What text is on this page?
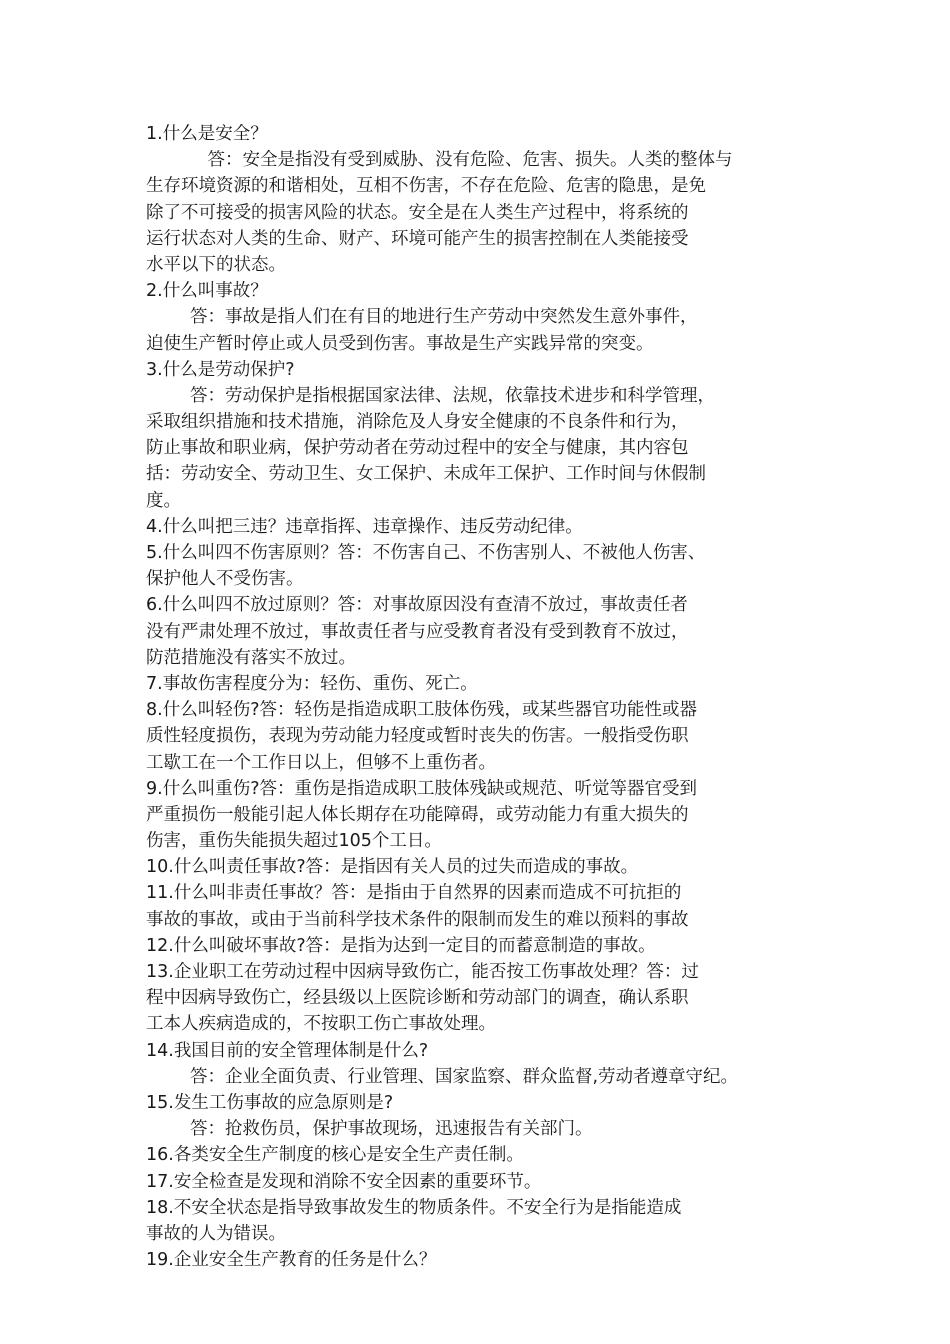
1.什么是安全？
　答：安全是指没有受到威胁、没有危险、危害、损失。人类的整体与
生存环境资源的和谐相处，互相不伤害，不存在危险、危害的隐患，是免
除了不可接受的损害风险的状态。安全是在人类生产过程中，将系统的
运行状态对人类的生命、财产、环境可能产生的损害控制在人类能接受
水平以下的状态。
2.什么叫事故？
答：事故是指人们在有目的地进行生产劳动中突然发生意外事件，
迫使生产暂时停止或人员受到伤害。事故是生产实践异常的突变。
3.什么是劳动保护?
答：劳动保护是指根据国家法律、法规，依靠技术进步和科学管理，
采取组织措施和技术措施，消除危及人身安全健康的不良条件和行为，
防止事故和职业病，保护劳动者在劳动过程中的安全与健康，其内容包
括：劳动安全、劳动卫生、女工保护、未成年工保护、工作时间与休假制
度。
4.什么叫把三违？违章指挥、违章操作、违反劳动纪律。
5.什么叫四不伤害原则？答：不伤害自己、不伤害别人、不被他人伤害、
保护他人不受伤害。
6.什么叫四不放过原则？答：对事故原因没有查清不放过，事故责任者
没有严肃处理不放过，事故责任者与应受教育者没有受到教育不放过，
防范措施没有落实不放过。
7.事故伤害程度分为：轻伤、重伤、死亡。
8.什么叫轻伤?答：轻伤是指造成职工肢体伤残，或某些器官功能性或器
质性轻度损伤，表现为劳动能力轻度或暂时丧失的伤害。一般指受伤职
工歇工在一个工作日以上，但够不上重伤者。
9.什么叫重伤?答：重伤是指造成职工肢体残缺或规范、听觉等器官受到
严重损伤一般能引起人体长期存在功能障碍，或劳动能力有重大损失的
伤害，重伤失能损失超过105个工日。
10.什么叫责任事故?答：是指因有关人员的过失而造成的事故。
11.什么叫非责任事故？答：是指由于自然界的因素而造成不可抗拒的
事故的事故，或由于当前科学技术条件的限制而发生的难以预料的事故
12.什么叫破坏事故?答：是指为达到一定目的而蓄意制造的事故。
13.企业职工在劳动过程中因病导致伤亡，能否按工伤事故处理？答：过
程中因病导致伤亡，经县级以上医院诊断和劳动部门的调查，确认系职
工本人疾病造成的，不按职工伤亡事故处理。
14.我国目前的安全管理体制是什么?
答：企业全面负责、行业管理、国家监察、群众监督,劳动者遵章守纪。
15.发生工伤事故的应急原则是?
答：抢救伤员，保护事故现场，迅速报告有关部门。
16.各类安全生产制度的核心是安全生产责任制。
17.安全检查是发现和消除不安全因素的重要环节。
18.不安全状态是指导致事故发生的物质条件。不安全行为是指能造成
事故的人为错误。
19.企业安全生产教育的任务是什么？
